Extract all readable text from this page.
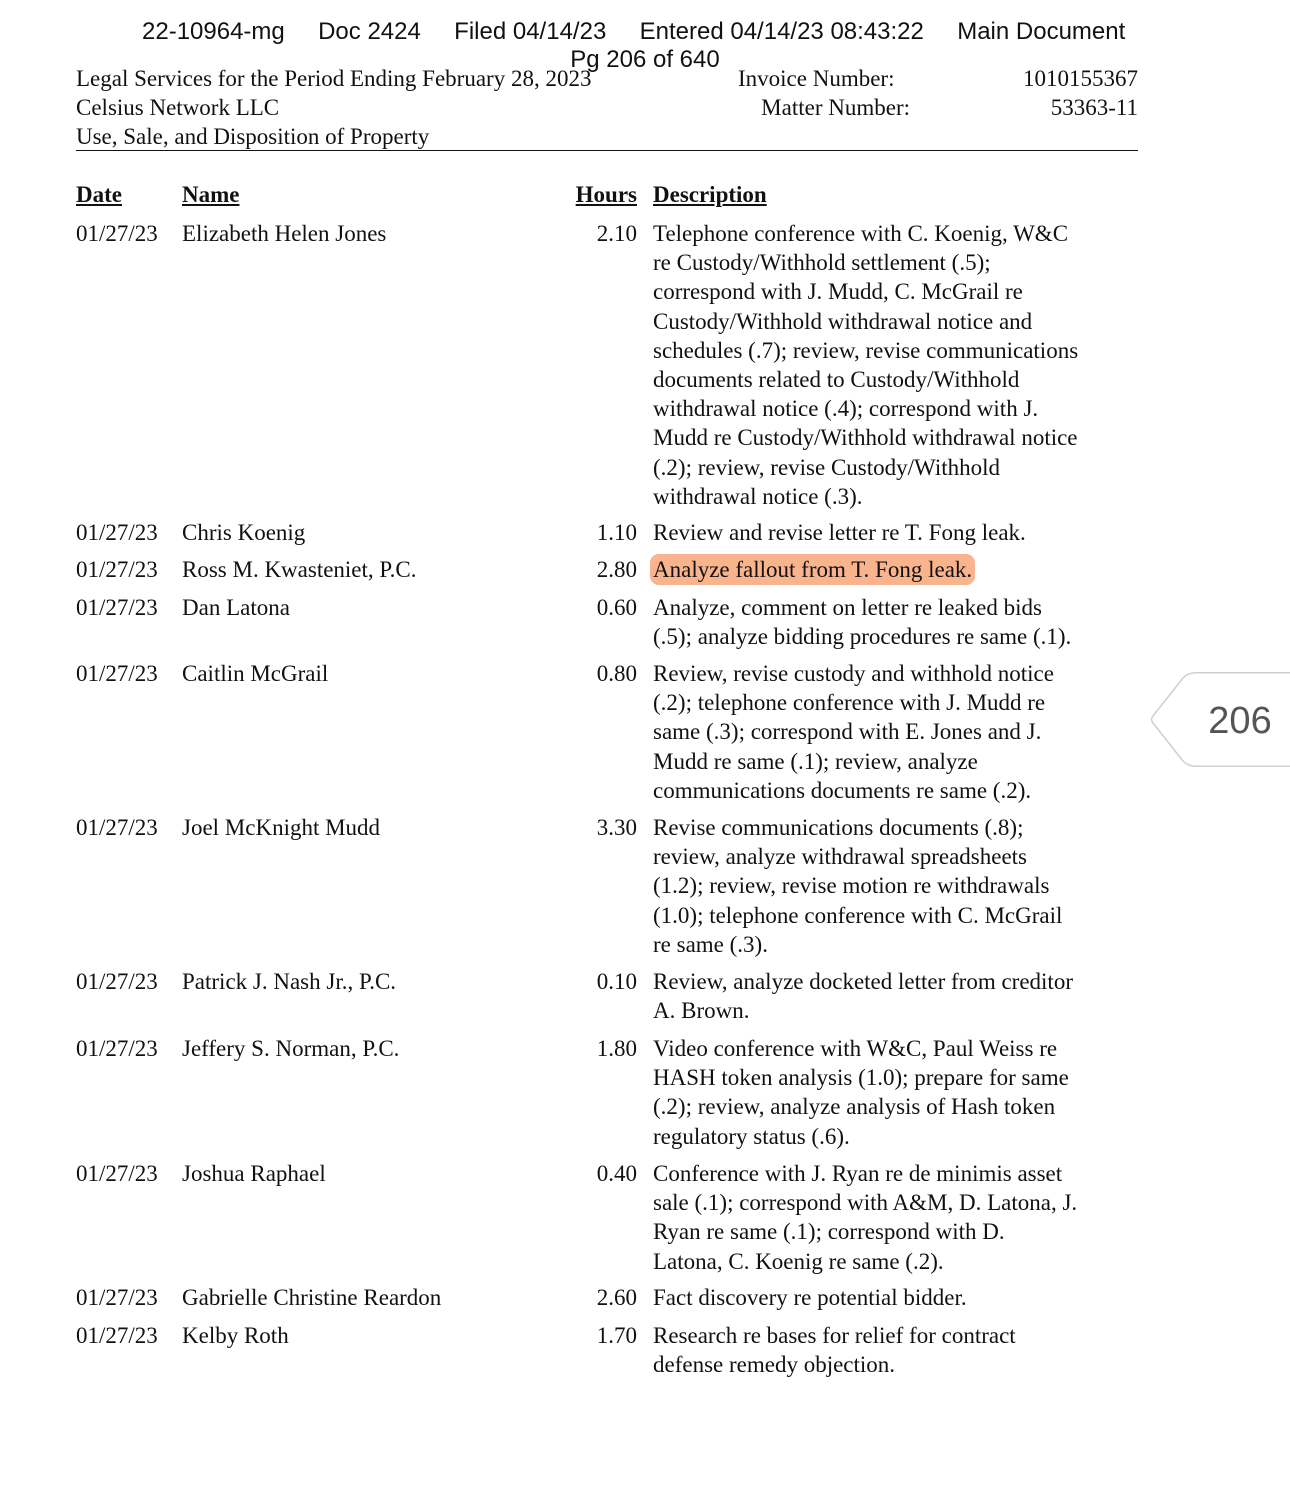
22-10964-mg     Doc 2424     Filed 04/14/23     Entered 04/14/23 08:43:22     Main Document
Pg 206 of 640
Legal Services for the Period Ending February 28, 2023
Celsius Network LLC
Use, Sale, and Disposition of Property
Invoice Number:
Matter Number:
1010155367
53363-11
Date	Name	Hours Description
01/27/23 Elizabeth Helen Jones	2.10 Telephone conference with C. Koenig, W&C
re Custody/Withhold settlement (.5);
correspond with J. Mudd, C. McGrail re
Custody/Withhold withdrawal notice and
schedules (.7); review, revise communications
documents related to Custody/Withhold
withdrawal notice (.4); correspond with J.
Mudd re Custody/Withhold withdrawal notice
(.2); review, revise Custody/Withhold
withdrawal notice (.3).
01/27/23 Chris Koenig	1.10 Review and revise letter re T. Fong leak.
01/27/23 Ross M. Kwasteniet, P.C.	2.80 Analyze fallout from T. Fong leak.
01/27/23 Dan Latona	0.60 Analyze, comment on letter re leaked bids
(.5); analyze bidding procedures re same (.1).
01/27/23 Caitlin McGrail	0.80 Review, revise custody and withhold notice
(.2); telephone conference with J. Mudd re
same (.3); correspond with E. Jones and J.
Mudd re same (.1); review, analyze
communications documents re same (.2).
01/27/23 Joel McKnight Mudd	3.30 Revise communications documents (.8);
review, analyze withdrawal spreadsheets
(1.2); review, revise motion re withdrawals
(1.0); telephone conference with C. McGrail
re same (.3).
01/27/23 Patrick J. Nash Jr., P.C.	0.10 Review, analyze docketed letter from creditor
A. Brown.
01/27/23 Jeffery S. Norman, P.C.	1.80 Video conference with W&C, Paul Weiss re
HASH token analysis (1.0); prepare for same
(.2); review, analyze analysis of Hash token
regulatory status (.6).
01/27/23 Joshua Raphael	0.40 Conference with J. Ryan re de minimis asset
sale (.1); correspond with A&M, D. Latona, J.
Ryan re same (.1); correspond with D.
Latona, C. Koenig re same (.2).
01/27/23 Gabrielle Christine Reardon	2.60 Fact discovery re potential bidder.
01/27/23 Kelby Roth	1.70 Research re bases for relief for contract
defense remedy objection.
206
